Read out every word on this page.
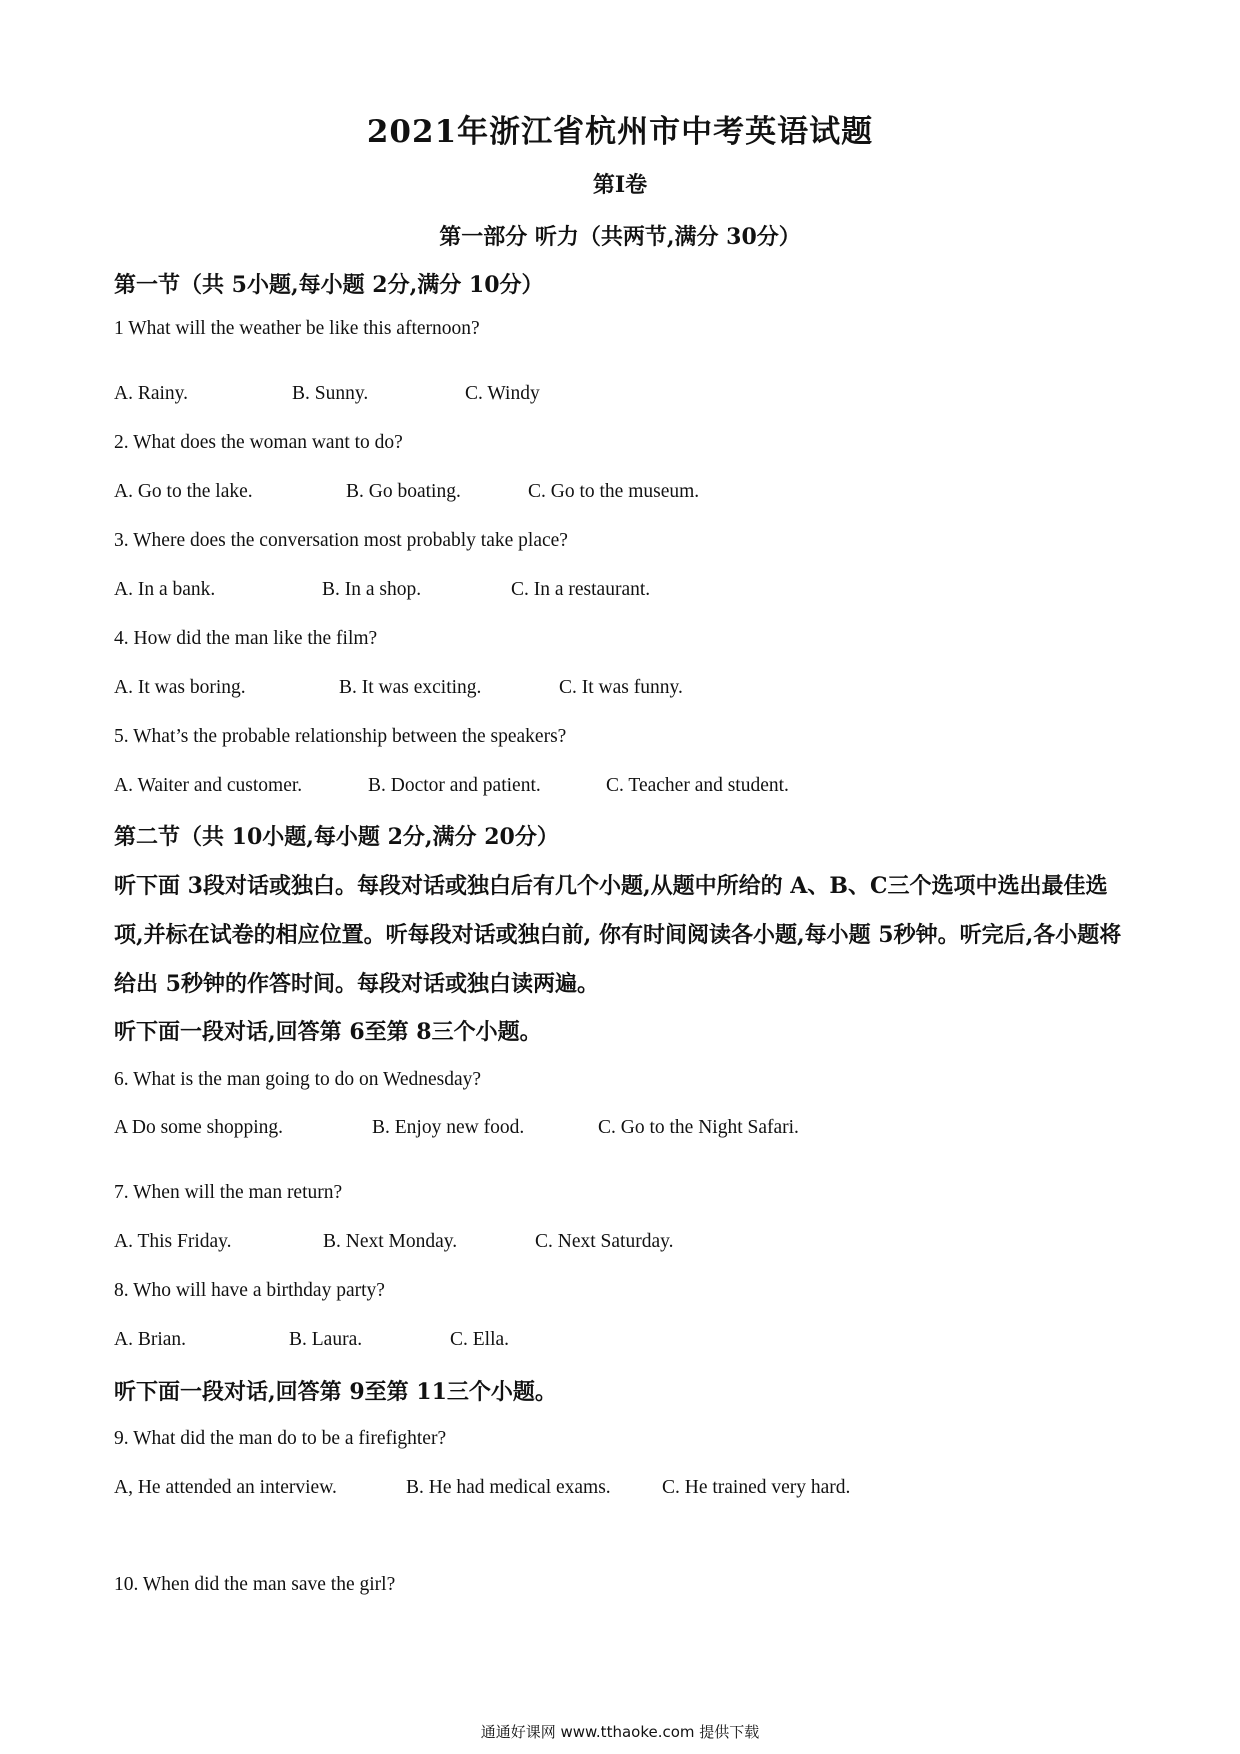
2021年浙江省杭州市中考英语试题
第Ⅰ卷
第一部分 听力（共两节,满分 30分）
第一节（共 5小题,每小题 2分,满分 10分）
1 What will the weather be like this afternoon?
A. Rainy.	B. Sunny.	C. Windy
2. What does the woman want to do?
A. Go to the lake.	B. Go boating.	C. Go to the museum.
3. Where does the conversation most probably take place?
A. In a bank.	B. In a shop.	C. In a restaurant.
4. How did the man like the film?
A. It was boring.	B. It was exciting.	C. It was funny.
5. What’s the probable relationship between the speakers?
A. Waiter and customer.	B. Doctor and patient.	C. Teacher and student.
第二节（共 10小题,每小题 2分,满分 20分）
听下面 3段对话或独白。每段对话或独白后有几个小题,从题中所给的 A、B、C三个选项中选出最佳选项,并标在试卷的相应位置。听每段对话或独白前, 你有时间阅读各小题,每小题 5秒钟。听完后,各小题将给出 5秒钟的作答时间。每段对话或独白读两遍。
听下面一段对话,回答第 6至第 8三个小题。
6. What is the man going to do on Wednesday?
A Do some shopping.	B. Enjoy new food.	C. Go to the Night Safari.
7. When will the man return?
A. This Friday.	B. Next Monday.	C. Next Saturday.
8. Who will have a birthday party?
A. Brian.	B. Laura.	C. Ella.
听下面一段对话,回答第 9至第 11三个小题。
9. What did the man do to be a firefighter?
A, He attended an interview.	B. He had medical exams.	C. He trained very hard.
10. When did the man save the girl?
通通好课网 www.tthaoke.com 提供下载
